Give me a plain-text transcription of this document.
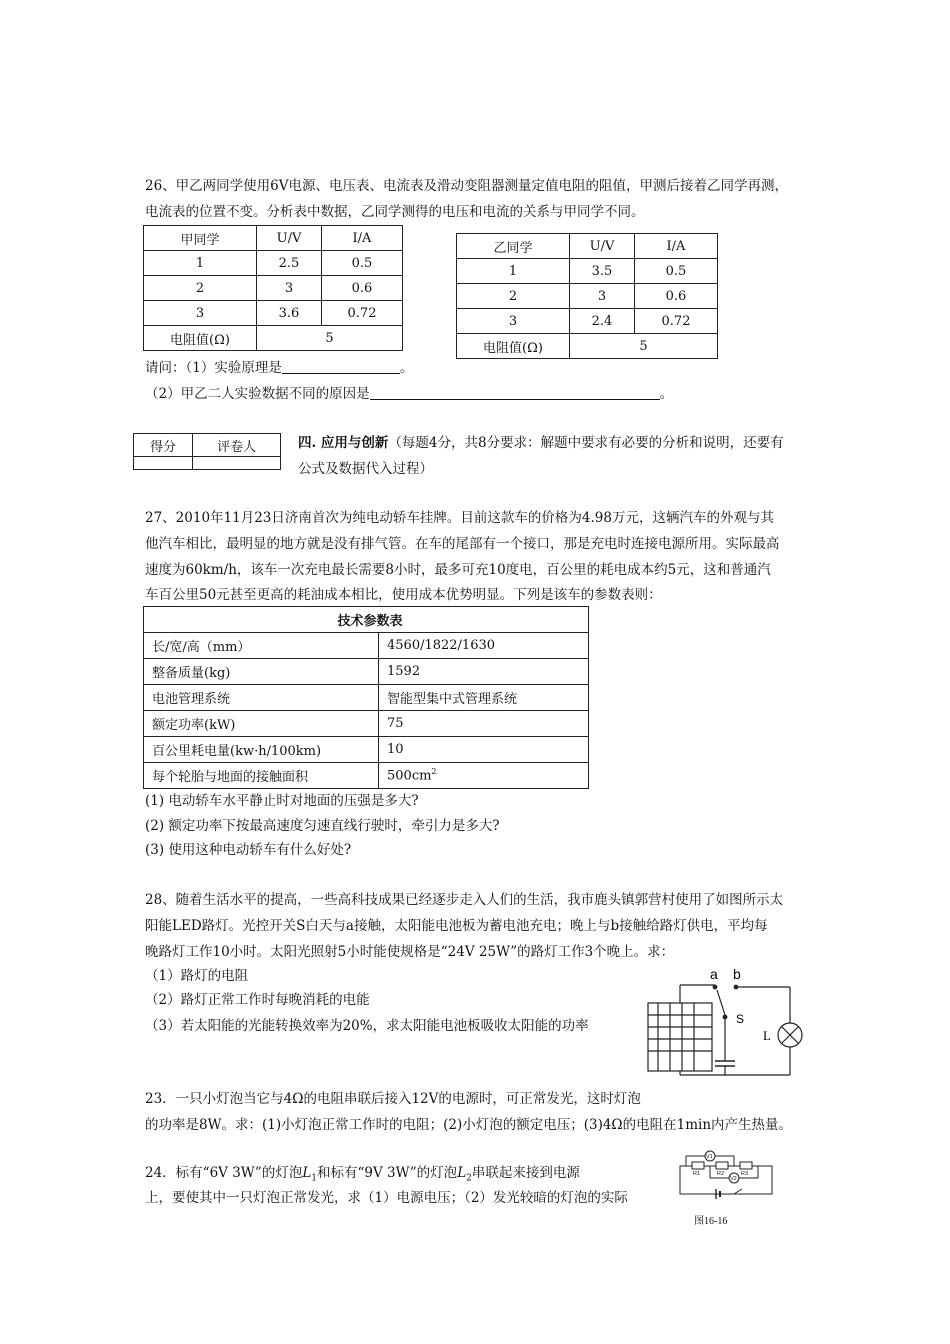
26、甲乙两同学使用6V电源、电压表、电流表及滑动变阻器测量定值电阻的阻值，甲测后接着乙同学再测，
电流表的位置不变。分析表中数据，乙同学测得的电压和电流的关系与甲同学不同。
甲同学	U/V	I/A
1	2.5	0.5
2	3	0.6
3	3.6	0.72
电阻值(Ω)	5	
乙同学	U/V	I/A
1	3.5	0.5
2	3	0.6
3	2.4	0.72
电阻值(Ω)	5	
请问：（1）实验原理是	。
（2）甲乙二人实验数据不同的原因是	。
得分	评卷人
		四. 应用与创新（每题4分，共8分要求：解题中要求有必要的分析和说明，还要有
公式及数据代入过程）
27、2010年11月23日济南首次为纯电动轿车挂牌。目前这款车的价格为4.98万元，这辆汽车的外观与其
他汽车相比，最明显的地方就是没有排气管。在车的尾部有一个接口，那是充电时连接电源所用。实际最高
速度为60km/h，该车一次充电最长需要8小时，最多可充10度电，百公里的耗电成本约5元，这和普通汽
车百公里50元甚至更高的耗油成本相比，使用成本优势明显。下列是该车的参数表则：
技术参数表	
长/宽/高（mm）	4560/1822/1630
整备质量(kg)	1592
电池管理系统	智能型集中式管理系统
额定功率(kW)	75
百公里耗电量(kw·h/100km)	10
每个轮胎与地面的接触面积	$500cm^2$
(1) 电动轿车水平静止时对地面的压强是多大?
(2) 额定功率下按最高速度匀速直线行驶时，牵引力是多大?
(3) 使用这种电动轿车有什么好处?
28、随着生活水平的提高，一些高科技成果已经逐步走入人们的生活，我市鹿头镇郭营村使用了如图所示太
阳能LED路灯。光控开关S白天与a接触，太阳能电池板为蓄电池充电；晚上与b接触给路灯供电，平均每
晚路灯工作10小时。太阳光照射5小时能使规格是“24V 25W”的路灯工作3个晚上。求：
（1）路灯的电阻
（2）路灯正常工作时每晚消耗的电能
（3）若太阳能的光能转换效率为20%，求太阳能电池板吸收太阳能的功率
a b
S
L
23．一只小灯泡当它与4Ω的电阻串联后接入12V的电源时，可正常发光，这时灯泡
的功率是8W。求：(1)小灯泡正常工作时的电阻；(2)小灯泡的额定电压；(3)4Ω的电阻在1min内产生热量。
24．标有“6V 3W”的灯泡$L_1$和标有“9V 3W”的灯泡$L_2$串联起来接到电源
上，要使其中一只灯泡正常发光，求（1）电源电压；（2）发光较暗的灯泡的实际
V1
V2
R1	R2	R3
图16-16
